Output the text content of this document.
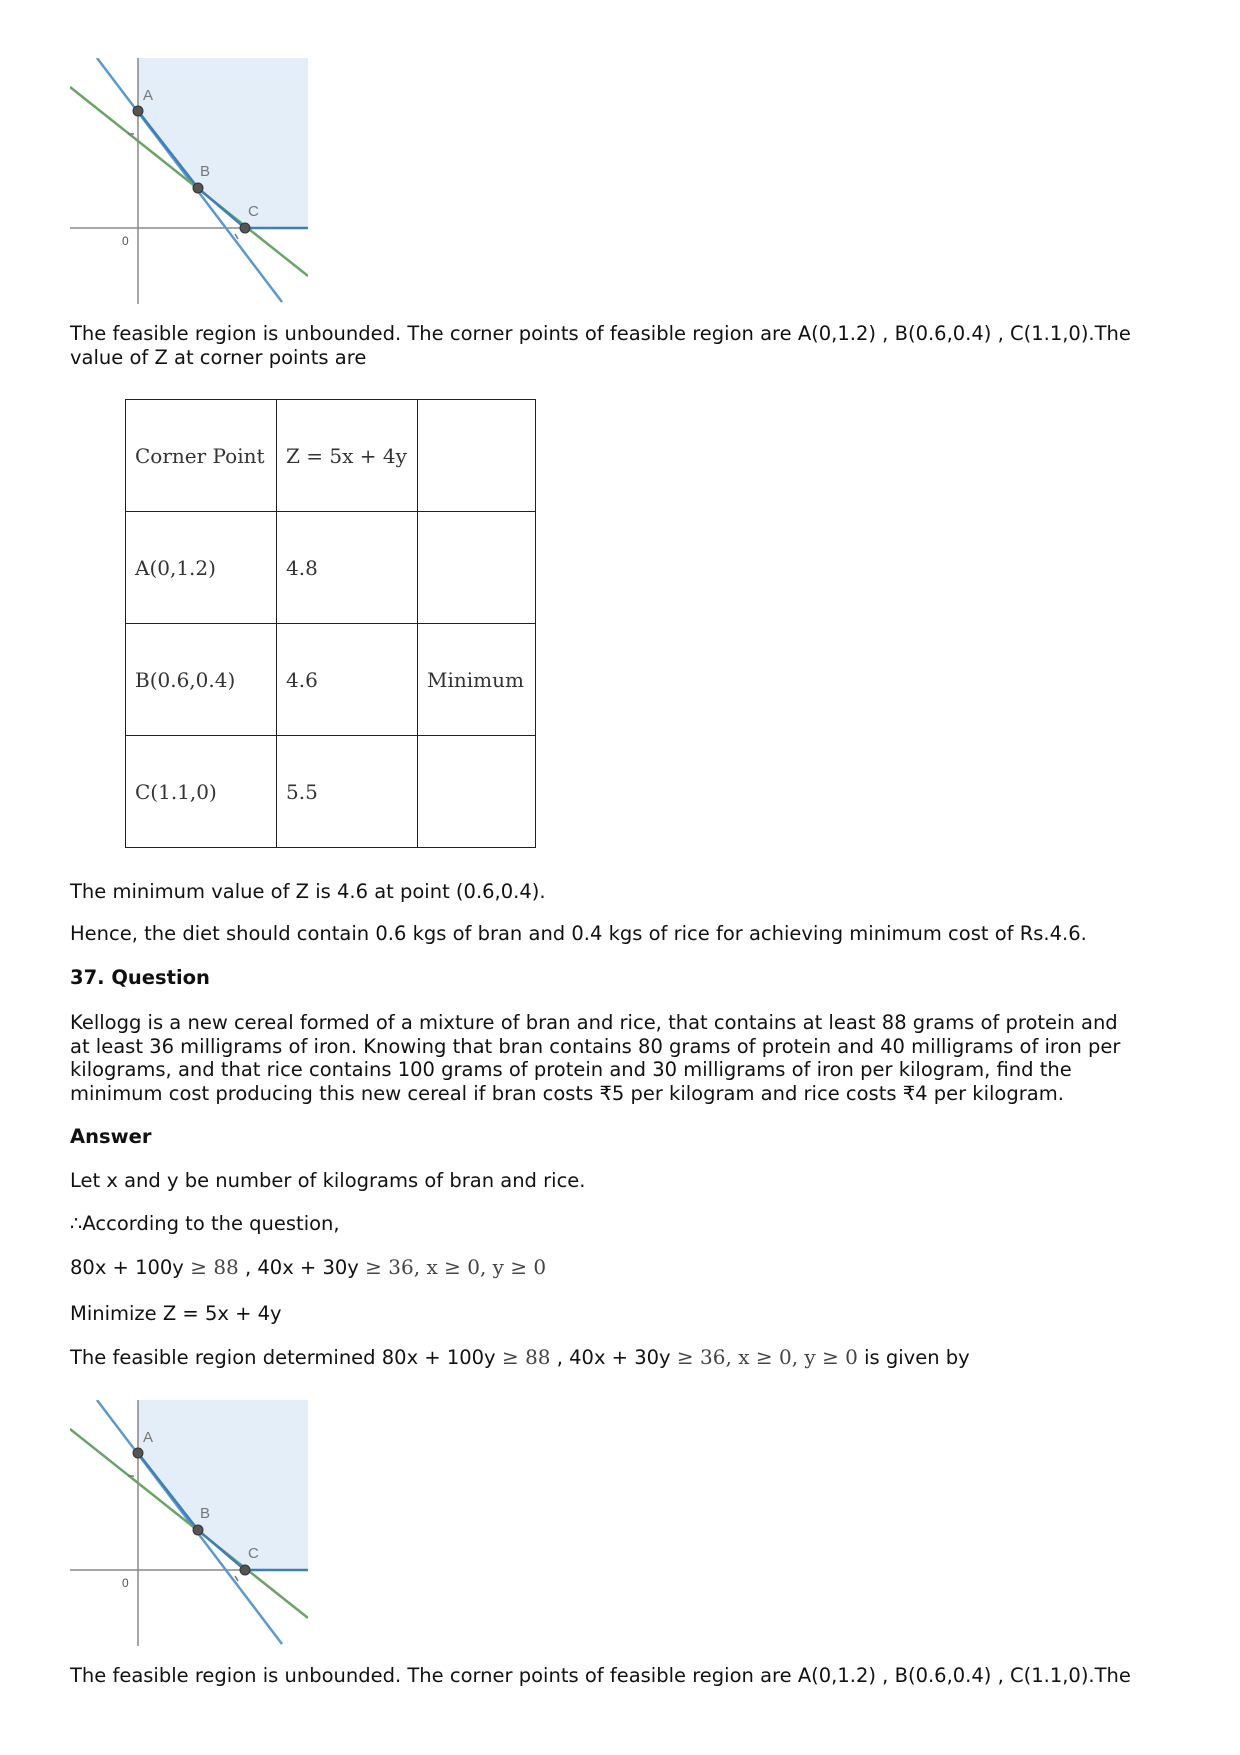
A
B
C
0

The feasible region is unbounded. The corner points of feasible region are A(0,1.2) , B(0.6,0.4) , C(1.1,0).The
value of Z at corner points are

Corner Point	Z = 5x + 4y	
A(0,1.2)	4.8	
B(0.6,0.4)	4.6	Minimum
C(1.1,0)	5.5	

The minimum value of Z is 4.6 at point (0.6,0.4).

Hence, the diet should contain 0.6 kgs of bran and 0.4 kgs of rice for achieving minimum cost of Rs.4.6.

37. Question

Kellogg is a new cereal formed of a mixture of bran and rice, that contains at least 88 grams of protein and
at least 36 milligrams of iron. Knowing that bran contains 80 grams of protein and 40 milligrams of iron per
kilograms, and that rice contains 100 grams of protein and 30 milligrams of iron per kilogram, find the
minimum cost producing this new cereal if bran costs ₹5 per kilogram and rice costs ₹4 per kilogram.

Answer

Let x and y be number of kilograms of bran and rice.

∴According to the question,

80x + 100y ≥ 88 , 40x + 30y ≥ 36, x ≥ 0, y ≥ 0

Minimize Z = 5x + 4y

The feasible region determined 80x + 100y ≥ 88 , 40x + 30y ≥ 36, x ≥ 0, y ≥ 0 is given by

A
B
C
0

The feasible region is unbounded. The corner points of feasible region are A(0,1.2) , B(0.6,0.4) , C(1.1,0).The
